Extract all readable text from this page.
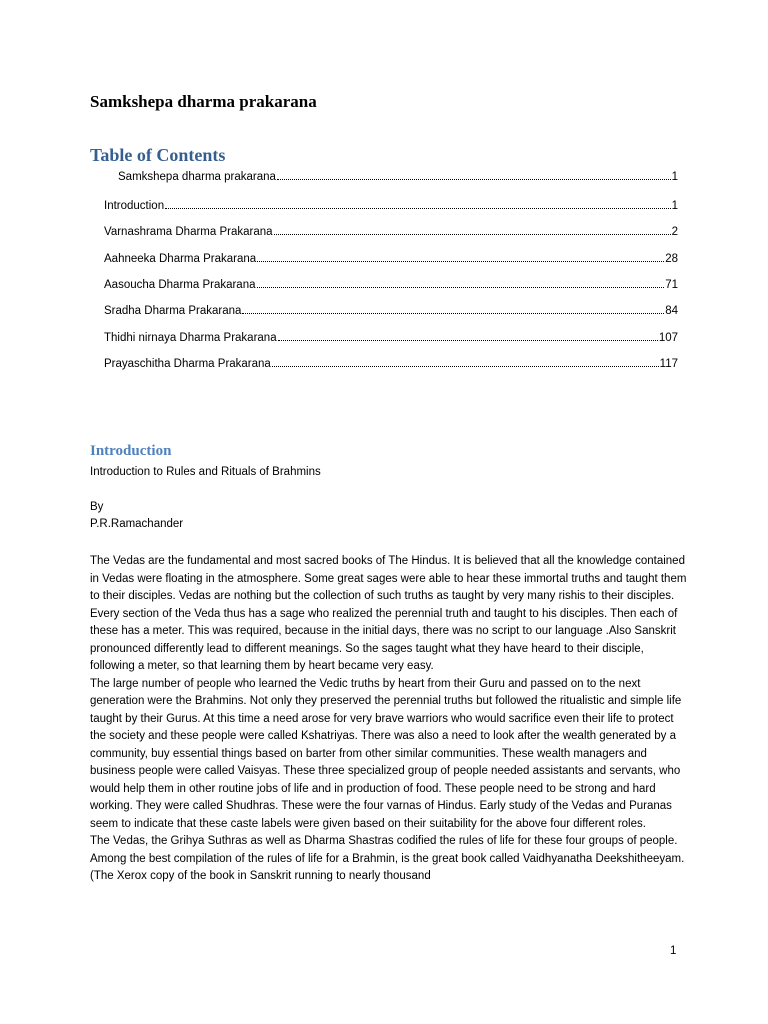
Samkshepa dharma prakarana
Table of Contents
Samkshepa dharma prakarana	1
Introduction	1
Varnashrama Dharma Prakarana	2
Aahneeka Dharma Prakarana	28
Aasoucha Dharma Prakarana	71
Sradha Dharma Prakarana	84
Thidhi nirnaya Dharma Prakarana	107
Prayaschitha Dharma Prakarana	117
Introduction
Introduction to Rules and Rituals of Brahmins
By
P.R.Ramachander

The Vedas are the fundamental and most sacred books of The Hindus. It is believed that all the knowledge contained in Vedas were floating in the atmosphere. Some great sages were able to hear these immortal truths and taught them to their disciples. Vedas are nothing but the collection of such truths as taught by very many rishis to their disciples. Every section of the Veda thus has a sage who realized the perennial truth and taught to his disciples. Then each of these has a meter. This was required, because in the initial days, there was no script to our language .Also Sanskrit pronounced differently lead to different meanings. So the sages taught what they have heard to their disciple, following a meter, so that learning them by heart became very easy.

The large number of people who learned the Vedic truths by heart from their Guru and passed on to the next generation were the Brahmins. Not only they preserved the perennial truths but followed the ritualistic and simple life taught by their Gurus. At this time a need arose for very brave warriors who would sacrifice even their life to protect the society and these people were called Kshatriyas. There was also a need to look after the wealth generated by a community, buy essential things based on barter from other similar communities. These wealth managers and business people were called Vaisyas. These three specialized group of people needed assistants and servants, who would help them in other routine jobs of life and in production of food. These people need to be strong and hard working. They were called Shudhras. These were the four varnas of Hindus. Early study of the Vedas and Puranas seem to indicate that these caste labels were given based on their suitability for the above four different roles.

The Vedas, the Grihya Suthras as well as Dharma Shastras codified the rules of life for these four groups of people. Among the best compilation of the rules of life for a Brahmin, is the great book called Vaidhyanatha Deekshitheeyam. (The Xerox copy of the book in Sanskrit running to nearly thousand

1
